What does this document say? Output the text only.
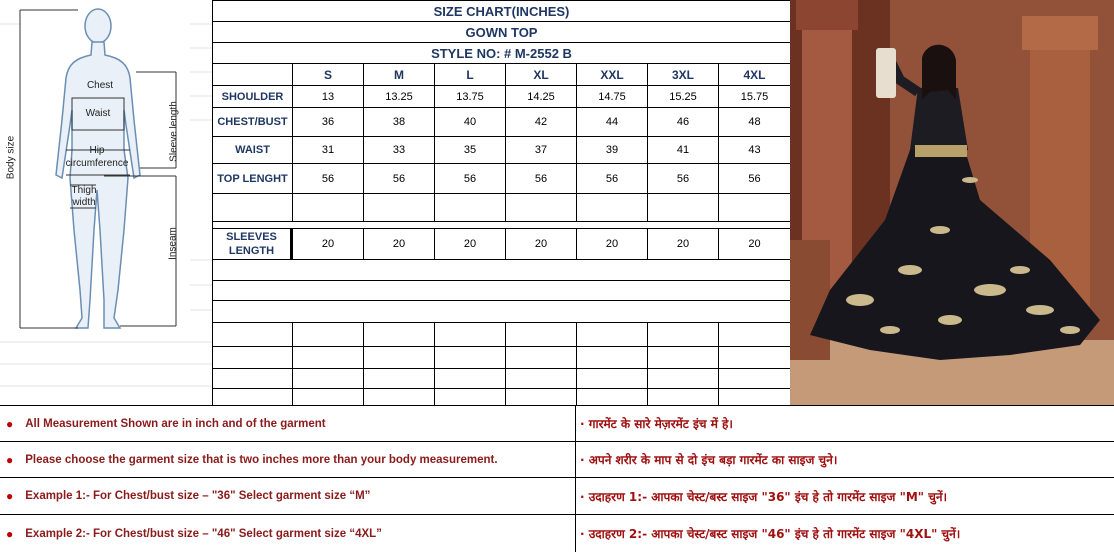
Chest
Waist
Hip circumference
Thigh width
Body size	Sleeve length
Inseam
SIZE CHART(INCHES)
GOWN TOP
STYLE NO: # M-2552 B
S	M	L	XL	XXL	3XL	4XL
SHOULDER	13	13.25	13.75	14.25	14.75	15.25	15.75
CHEST/BUST	36	38	40	42	44	46	48
WAIST	31	33	35	37	39	41	43
TOP LENGHT	56	56	56	56	56	56	56
SLEEVES
LENGTH
20	20	20	20	20	20	20
● All Measurement Shown are in inch and of the garment	· गारमेंट के सारे मेज़रमेंट इंच में हे।
● Please choose the garment size that is two inches more than your body measurement.	· अपने शरीर के माप से दो इंच बड़ा गारमेंट का साइज चुने।
● Example 1:- For Chest/bust size – "36" Select garment size “M”	· उदाहरण 1:- आपका चेस्ट/बस्ट साइज "36" इंच हे तो गारमेंट साइज "M" चुनें।
● Example 2:- For Chest/bust size – "46" Select garment size “4XL”	· उदाहरण 2:- आपका चेस्ट/बस्ट साइज "46" इंच हे तो गारमेंट साइज "4XL" चुनें।
